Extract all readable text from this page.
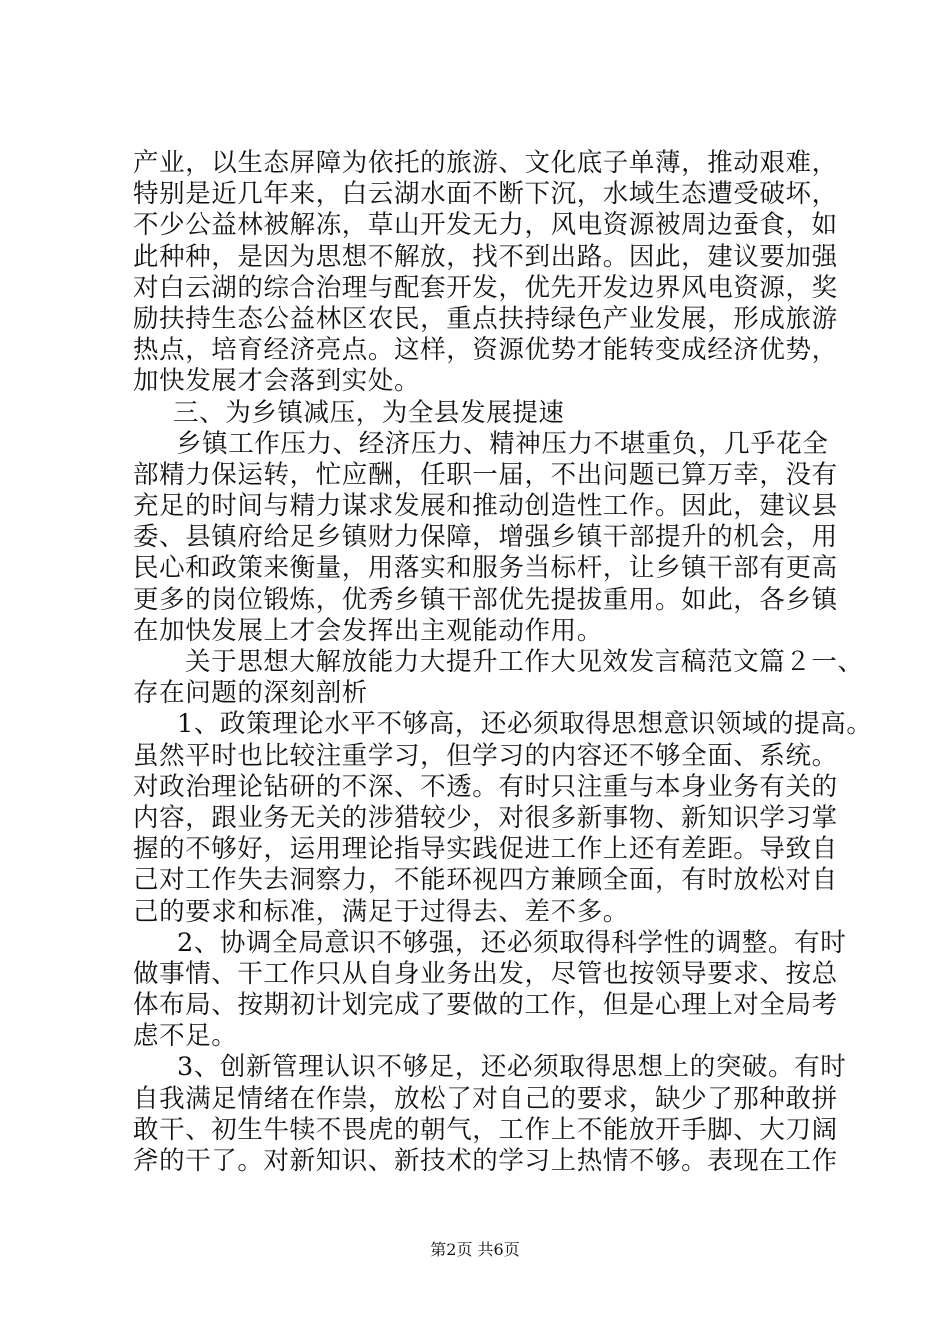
产业，以生态屏障为依托的旅游、文化底子单薄，推动艰难，
特别是近几年来，白云湖水面不断下沉，水域生态遭受破坏，
不少公益林被解冻，草山开发无力，风电资源被周边蚕食，如
此种种，是因为思想不解放，找不到出路。因此，建议要加强
对白云湖的综合治理与配套开发，优先开发边界风电资源，奖
励扶持生态公益林区农民，重点扶持绿色产业发展，形成旅游
热点，培育经济亮点。这样，资源优势才能转变成经济优势，
加快发展才会落到实处。
三、为乡镇减压，为全县发展提速
乡镇工作压力、经济压力、精神压力不堪重负，几乎花全
部精力保运转，忙应酬，任职一届，不出问题已算万幸，没有
充足的时间与精力谋求发展和推动创造性工作。因此，建议县
委、县镇府给足乡镇财力保障，增强乡镇干部提升的机会，用
民心和政策来衡量，用落实和服务当标杆，让乡镇干部有更高
更多的岗位锻炼，优秀乡镇干部优先提拔重用。如此，各乡镇
在加快发展上才会发挥出主观能动作用。
关于思想大解放能力大提升工作大见效发言稿范文篇２一、
存在问题的深刻剖析
1、政策理论水平不够高，还必须取得思想意识领域的提高。
虽然平时也比较注重学习，但学习的内容还不够全面、系统。
对政治理论钻研的不深、不透。有时只注重与本身业务有关的
内容，跟业务无关的涉猎较少，对很多新事物、新知识学习掌
握的不够好，运用理论指导实践促进工作上还有差距。导致自
己对工作失去洞察力，不能环视四方兼顾全面，有时放松对自
己的要求和标准，满足于过得去、差不多。
2、协调全局意识不够强，还必须取得科学性的调整。有时
做事情、干工作只从自身业务出发，尽管也按领导要求、按总
体布局、按期初计划完成了要做的工作，但是心理上对全局考
虑不足。
3、创新管理认识不够足，还必须取得思想上的突破。有时
自我满足情绪在作祟，放松了对自己的要求，缺少了那种敢拼
敢干、初生牛犊不畏虎的朝气，工作上不能放开手脚、大刀阔
斧的干了。对新知识、新技术的学习上热情不够。表现在工作
第2页 共6页
